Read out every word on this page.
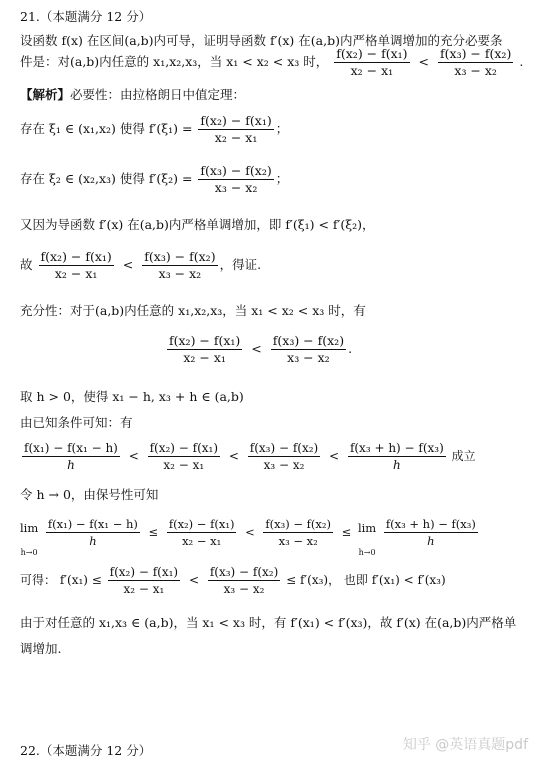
21.（本题满分 12 分）
设函数 f(x) 在区间(a,b)内可导，证明导函数 f′(x) 在(a,b)内严格单调增加的充分必要条
件是：对(a,b)内任意的 x₁,x₂,x₃，当 x₁ < x₂ < x₃ 时， $\frac{\text{f(x₂) − f(x₁)}}{\text{x₂ − x₁}} < \frac{\text{f(x₃) − f(x₂)}}{\text{x₃ − x₂}}$ .
【解析】必要性：由拉格朗日中值定理：
存在 ξ₁ ∈ (x₁,x₂) 使得 $f'(\xi_1) = \frac{\text{f(x₂) − f(x₁)}}{\text{x₂ − x₁}}$ ；
存在 ξ₂ ∈ (x₂,x₃) 使得 $f'(\xi_2) = \frac{\text{f(x₃) − f(x₂)}}{\text{x₃ − x₂}}$ ；
又因为导函数 f′(x) 在(a,b)内严格单调增加，即 f′(ξ₁) < f′(ξ₂)，
故 $\frac{\text{f(x₂) − f(x₁)}}{\text{x₂ − x₁}} < \frac{\text{f(x₃) − f(x₂)}}{\text{x₃ − x₂}}$ ，得证.
充分性：对于(a,b)内任意的 x₁,x₂,x₃，当 x₁ < x₂ < x₃ 时，有
$\frac{\text{f(x₂) − f(x₁)}}{\text{x₂ − x₁}} < \frac{\text{f(x₃) − f(x₂)}}{\text{x₃ − x₂}}$ .
取 h > 0，使得 x₁ − h, x₃ + h ∈ (a,b)
由已知条件可知：有
$\frac{\text{f(x₁) − f(x₁ − h)}}{h} < \frac{\text{f(x₂) − f(x₁)}}{\text{x₂ − x₁}} < \frac{\text{f(x₃) − f(x₂)}}{\text{x₃ − x₂}} < \frac{\text{f(x₃ + h) − f(x₃)}}{h}$ 成立
令 h → 0，由保号性可知
lim
h→0

$\frac{\text{f(x₁) − f(x₁ − h)}}{h} \le \frac{\text{f(x₂) − f(x₁)}}{\text{x₂ − x₁}} < \frac{\text{f(x₃) − f(x₂)}}{\text{x₃ − x₂}} \le \lim$
h→0

$\frac{\text{f(x₃ + h) − f(x₃)}}{h}$
可得： $f'(x_1) \le \frac{\text{f(x₂) − f(x₁)}}{\text{x₂ − x₁}} < \frac{\text{f(x₃) − f(x₂)}}{\text{x₃ − x₂}} \le f'(x_3)$， 也即 f′(x₁) < f′(x₃)
由于对任意的 x₁,x₃ ∈ (a,b)，当 x₁ < x₃ 时，有 f′(x₁) < f′(x₃)，故 f′(x) 在(a,b)内严格单
调增加.
22.（本题满分 12 分）	知乎 @英语真题pdf
